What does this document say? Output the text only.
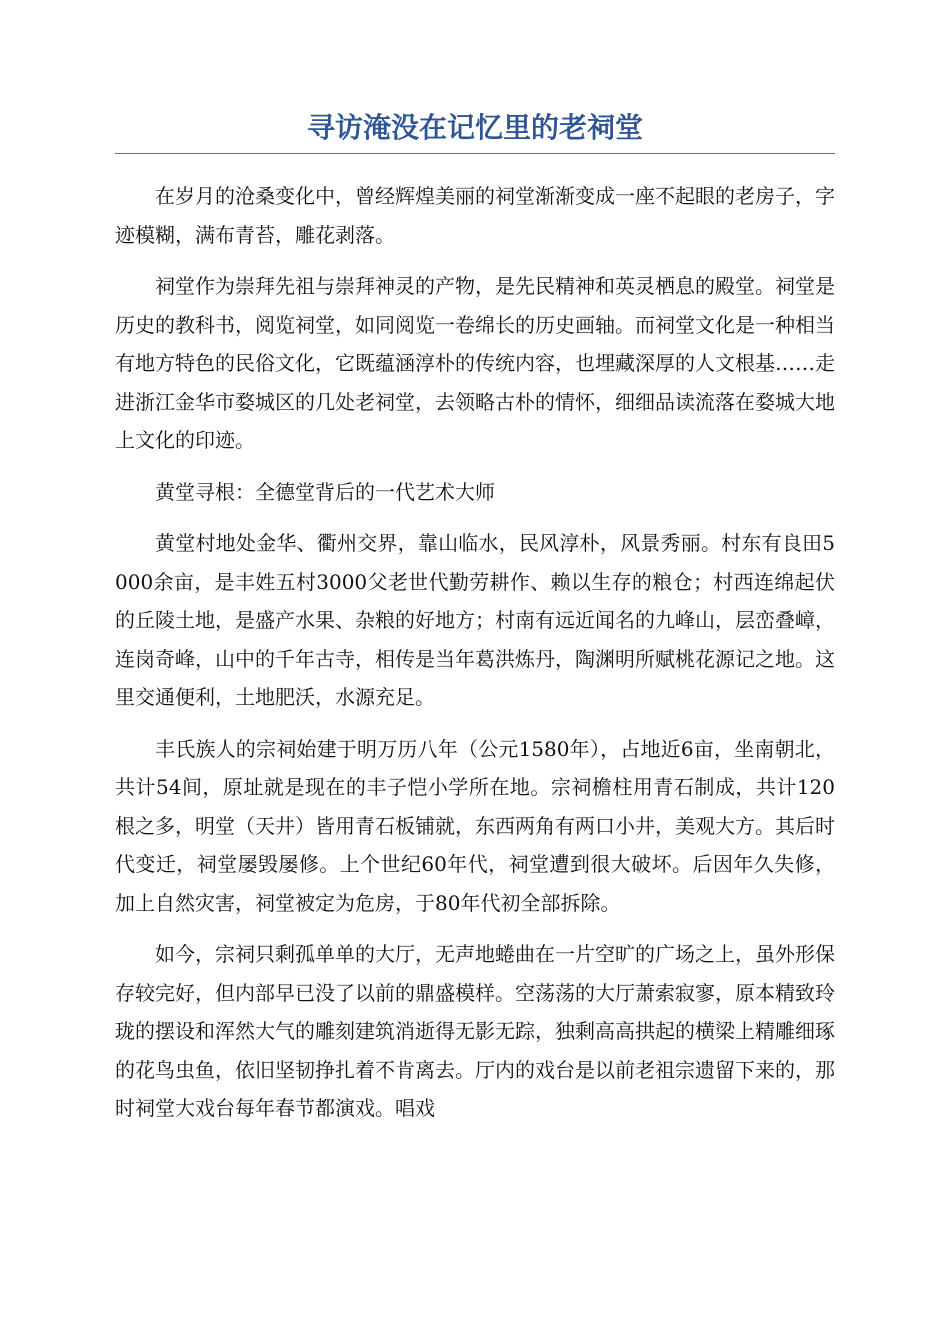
寻访淹没在记忆里的老祠堂

在岁月的沧桑变化中，曾经辉煌美丽的祠堂渐渐变成一座不起眼的老房子，字迹模糊，满布青苔，雕花剥落。

祠堂作为崇拜先祖与崇拜神灵的产物，是先民精神和英灵栖息的殿堂。祠堂是历史的教科书，阅览祠堂，如同阅览一卷绵长的历史画轴。而祠堂文化是一种相当有地方特色的民俗文化，它既蕴涵淳朴的传统内容，也埋藏深厚的人文根基……走进浙江金华市婺城区的几处老祠堂，去领略古朴的情怀，细细品读流落在婺城大地上文化的印迹。

黄堂寻根：全德堂背后的一代艺术大师

黄堂村地处金华、衢州交界，靠山临水，民风淳朴，风景秀丽。村东有良田5000余亩，是丰姓五村3000父老世代勤劳耕作、赖以生存的粮仓；村西连绵起伏的丘陵土地，是盛产水果、杂粮的好地方；村南有远近闻名的九峰山，层峦叠嶂，连岗奇峰，山中的千年古寺，相传是当年葛洪炼丹，陶渊明所赋桃花源记之地。这里交通便利，土地肥沃，水源充足。

丰氏族人的宗祠始建于明万历八年（公元1580年），占地近6亩，坐南朝北，共计54间，原址就是现在的丰子恺小学所在地。宗祠檐柱用青石制成，共计120根之多，明堂（天井）皆用青石板铺就，东西两角有两口小井，美观大方。其后时代变迁，祠堂屡毁屡修。上个世纪60年代，祠堂遭到很大破坏。后因年久失修，加上自然灾害，祠堂被定为危房，于80年代初全部拆除。

如今，宗祠只剩孤单单的大厅，无声地蜷曲在一片空旷的广场之上，虽外形保存较完好，但内部早已没了以前的鼎盛模样。空荡荡的大厅萧索寂寥，原本精致玲珑的摆设和浑然大气的雕刻建筑消逝得无影无踪，独剩高高拱起的横梁上精雕细琢的花鸟虫鱼，依旧坚韧挣扎着不肯离去。厅内的戏台是以前老祖宗遗留下来的，那时祠堂大戏台每年春节都演戏。唱戏
